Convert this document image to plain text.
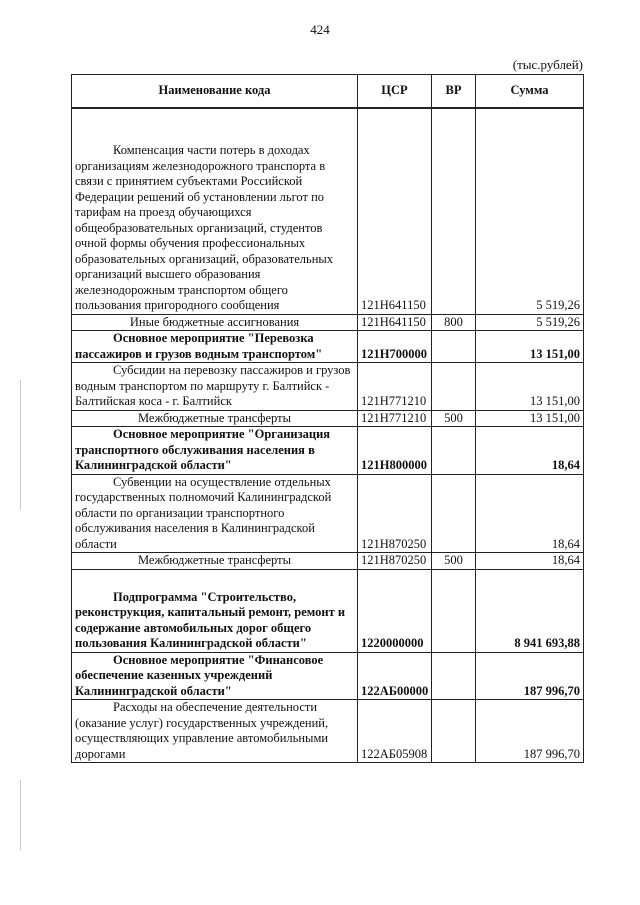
424
(тыс.рублей)
Наименование кода	ЦСР	ВР	Сумма
Компенсация части потерь в доходах организациям железнодорожного транспорта в связи с принятием субъектами Российской Федерации решений об установлении льгот по тарифам на проезд обучающихся общеобразовательных организаций, студентов очной формы обучения профессиональных образовательных организаций, образовательных организаций высшего образования железнодорожным транспортом общего пользования пригородного сообщения	121Н641150		5 519,26
Иные бюджетные ассигнования	121Н641150	800	5 519,26
Основное мероприятие "Перевозка пассажиров и грузов водным транспортом"	121Н700000		13 151,00
Субсидии на перевозку пассажиров и грузов водным транспортом по маршруту г. Балтийск - Балтийская коса - г. Балтийск	121Н771210		13 151,00
Межбюджетные трансферты	121Н771210	500	13 151,00
Основное мероприятие "Организация транспортного обслуживания населения в Калининградской области"	121Н800000		18,64
Субвенции на осуществление отдельных государственных полномочий Калининградской области по организации транспортного обслуживания населения в Калининградской области	121Н870250		18,64
Межбюджетные трансферты	121Н870250	500	18,64
Подпрограмма "Строительство, реконструкция, капитальный ремонт, ремонт и содержание автомобильных дорог общего пользования Калининградской области"	1220000000		8 941 693,88
Основное мероприятие "Финансовое обеспечение казенных учреждений Калининградской области"	122АБ00000		187 996,70
Расходы на обеспечение деятельности (оказание услуг) государственных учреждений, осуществляющих управление автомобильными дорогами	122АБ05908		187 996,70
